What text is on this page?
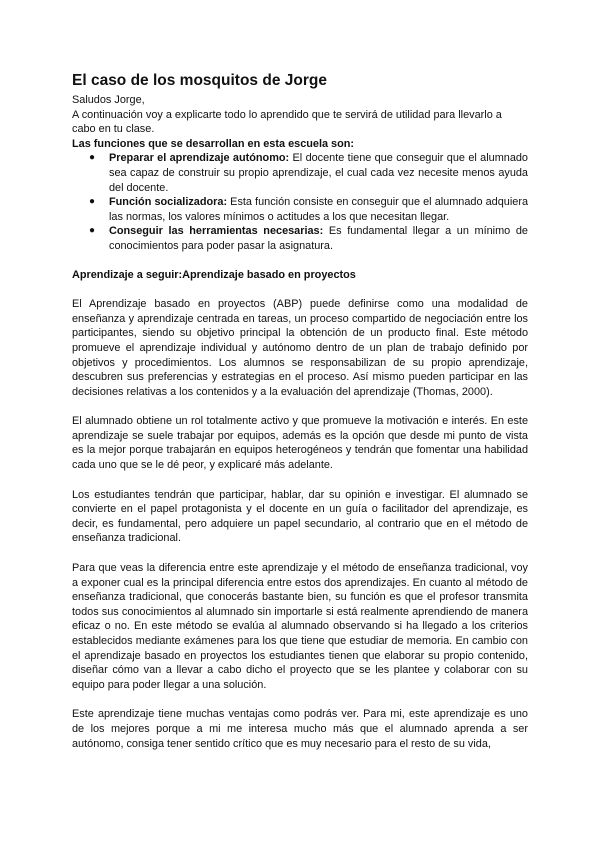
El caso de los mosquitos de Jorge

Saludos Jorge,

A continuación voy a explicarte todo lo aprendido que te servirá de utilidad para llevarlo a cabo en tu clase.

Las funciones que se desarrollan en esta escuela son:

● Preparar el aprendizaje autónomo: El docente tiene que conseguir que el alumnado sea capaz de construir su propio aprendizaje, el cual cada vez necesite menos ayuda del docente.
● Función socializadora: Esta función consiste en conseguir que el alumnado adquiera las normas, los valores mínimos o actitudes a los que necesitan llegar.
● Conseguir las herramientas necesarias: Es fundamental llegar a un mínimo de conocimientos para poder pasar la asignatura.

Aprendizaje a seguir:Aprendizaje basado en proyectos

El Aprendizaje basado en proyectos (ABP) puede definirse como una modalidad de enseñanza y aprendizaje centrada en tareas, un proceso compartido de negociación entre los participantes, siendo su objetivo principal la obtención de un producto final. Este método promueve el aprendizaje individual y autónomo dentro de un plan de trabajo definido por objetivos y procedimientos. Los alumnos se responsabilizan de su propio aprendizaje, descubren sus preferencias y estrategias en el proceso. Así mismo pueden participar en las decisiones relativas a los contenidos y a la evaluación del aprendizaje (Thomas, 2000).

El alumnado obtiene un rol totalmente activo y que promueve la motivación e interés. En este aprendizaje se suele trabajar por equipos, además es la opción que desde mi punto de vista es la mejor porque trabajarán en equipos heterogéneos y tendrán que fomentar una habilidad cada uno que se le dé peor, y explicaré más adelante.

Los estudiantes tendrán que participar, hablar, dar su opinión e investigar. El alumnado se convierte en el papel protagonista y el docente en un guía o facilitador del aprendizaje, es decir, es fundamental, pero adquiere un papel secundario, al contrario que en el método de enseñanza tradicional.

Para que veas la diferencia entre este aprendizaje y el método de enseñanza tradicional, voy a exponer cual es la principal diferencia entre estos dos aprendizajes. En cuanto al método de enseñanza tradicional, que conocerás bastante bien, su función es que el profesor transmita todos sus conocimientos al alumnado sin importarle si está realmente aprendiendo de manera eficaz o no. En este método se evalúa al alumnado observando si ha llegado a los criterios establecidos mediante exámenes para los que tiene que estudiar de memoria. En cambio con el aprendizaje basado en proyectos los estudiantes tienen que elaborar su propio contenido, diseñar cómo van a llevar a cabo dicho el proyecto que se les plantee y colaborar con su equipo para poder llegar a una solución.

Este aprendizaje tiene muchas ventajas como podrás ver. Para mi, este aprendizaje es uno de los mejores porque a mi me interesa mucho más que el alumnado aprenda a ser autónomo, consiga tener sentido crítico que es muy necesario para el resto de su vida,
